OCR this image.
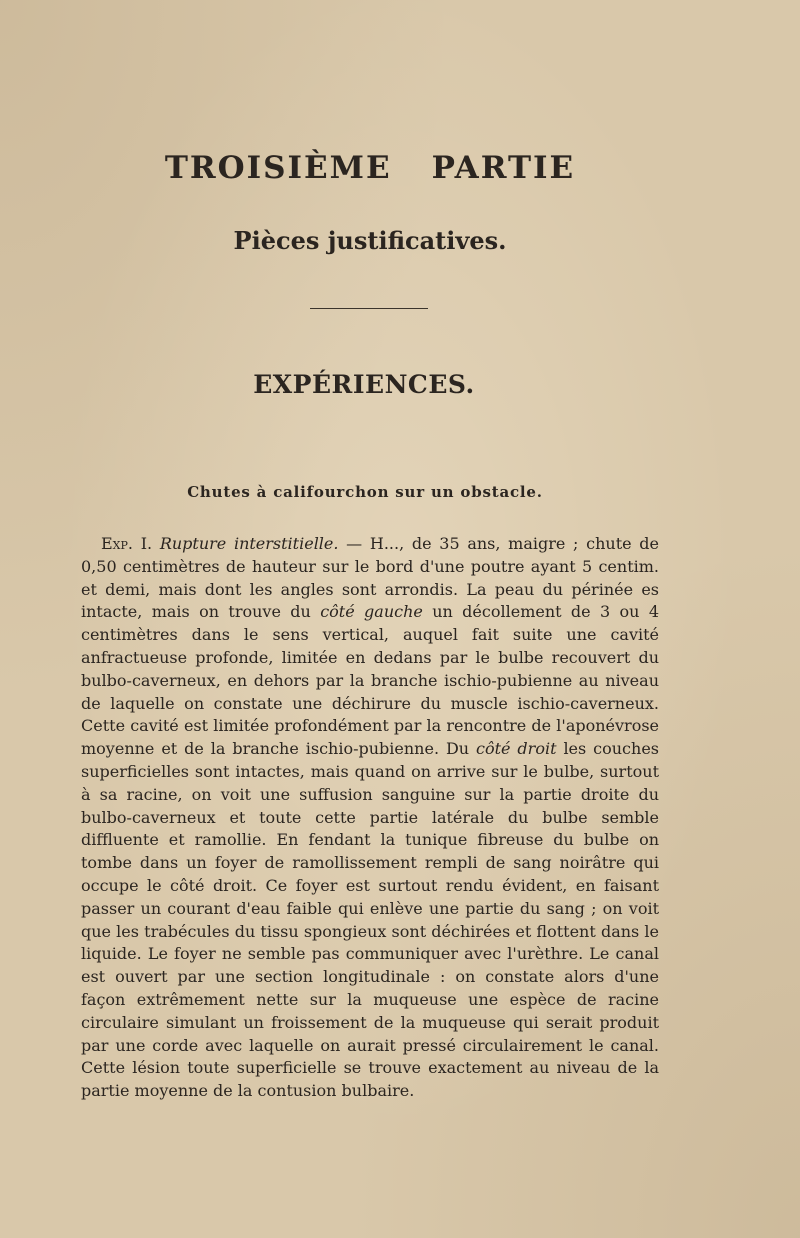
TROISIÈME PARTIE
Pièces justificatives.
EXPÉRIENCES.
Chutes à califourchon sur un obstacle.

Exp. I. Rupture interstitielle. — H..., de 35 ans, maigre ; chute de 0,50 centimètres de hauteur sur le bord d'une poutre ayant 5 centim. et demi, mais dont les angles sont arrondis. La peau du périnée es intacte, mais on trouve du côté gauche un décollement de 3 ou 4 centimètres dans le sens vertical, auquel fait suite une cavité anfractueuse profonde, limitée en dedans par le bulbe recouvert du bulbo-caverneux, en dehors par la branche ischio-pubienne au niveau de laquelle on constate une déchirure du muscle ischio-caverneux. Cette cavité est limitée profondément par la rencontre de l'aponévrose moyenne et de la branche ischio-pubienne. Du côté droit les couches superficielles sont intactes, mais quand on arrive sur le bulbe, surtout à sa racine, on voit une suffusion sanguine sur la partie droite du bulbo-caverneux et toute cette partie latérale du bulbe semble diffluente et ramollie. En fendant la tunique fibreuse du bulbe on tombe dans un foyer de ramollissement rempli de sang noirâtre qui occupe le côté droit. Ce foyer est surtout rendu évident, en faisant passer un courant d'eau faible qui enlève une partie du sang ; on voit que les trabécules du tissu spongieux sont déchirées et flottent dans le liquide. Le foyer ne semble pas communiquer avec l'urèthre. Le canal est ouvert par une section longitudinale : on constate alors d'une façon extrêmement nette sur la muqueuse une espèce de racine circulaire simulant un froissement de la muqueuse qui serait produit par une corde avec laquelle on aurait pressé circulairement le canal. Cette lésion toute superficielle se trouve exactement au niveau de la partie moyenne de la contusion bulbaire.
